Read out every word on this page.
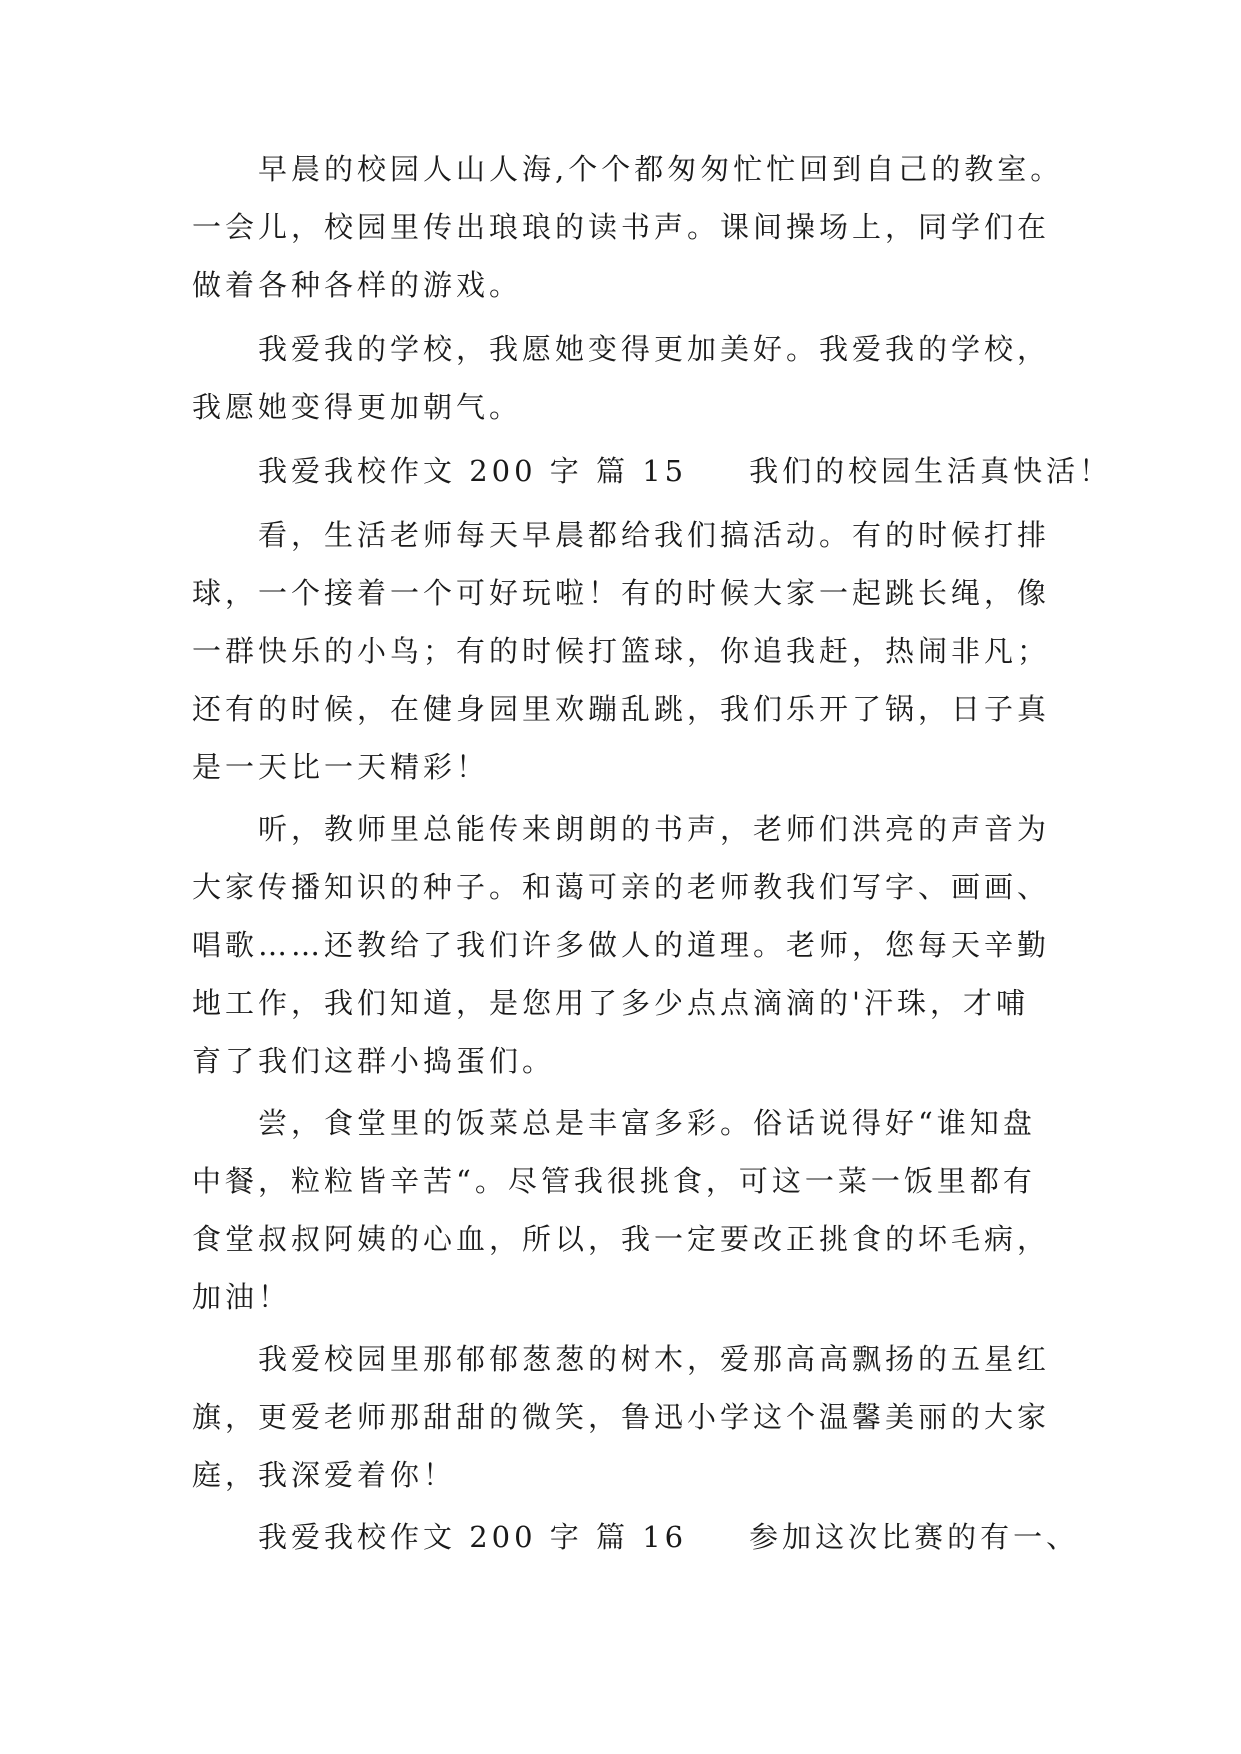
早晨的校园人山人海,个个都匆匆忙忙回到自己的教室。
一会儿，校园里传出琅琅的读书声。课间操场上，同学们在
做着各种各样的游戏。
我爱我的学校，我愿她变得更加美好。我爱我的学校，
我愿她变得更加朝气。
我爱我校作文 200 字 篇 15 我们的校园生活真快活！
看，生活老师每天早晨都给我们搞活动。有的时候打排
球，一个接着一个可好玩啦！有的时候大家一起跳长绳，像
一群快乐的小鸟；有的时候打篮球，你追我赶，热闹非凡；
还有的时候，在健身园里欢蹦乱跳，我们乐开了锅，日子真
是一天比一天精彩！
听，教师里总能传来朗朗的书声，老师们洪亮的声音为
大家传播知识的种子。和蔼可亲的老师教我们写字、画画、
唱歌……还教给了我们许多做人的道理。老师，您每天辛勤
地工作，我们知道，是您用了多少点点滴滴的'汗珠，才哺
育了我们这群小捣蛋们。
尝，食堂里的饭菜总是丰富多彩。俗话说得好“谁知盘
中餐，粒粒皆辛苦“。尽管我很挑食，可这一菜一饭里都有
食堂叔叔阿姨的心血，所以，我一定要改正挑食的坏毛病，
加油！
我爱校园里那郁郁葱葱的树木，爱那高高飘扬的五星红
旗，更爱老师那甜甜的微笑，鲁迅小学这个温馨美丽的大家
庭，我深爱着你！
我爱我校作文 200 字 篇 16 参加这次比赛的有一、
